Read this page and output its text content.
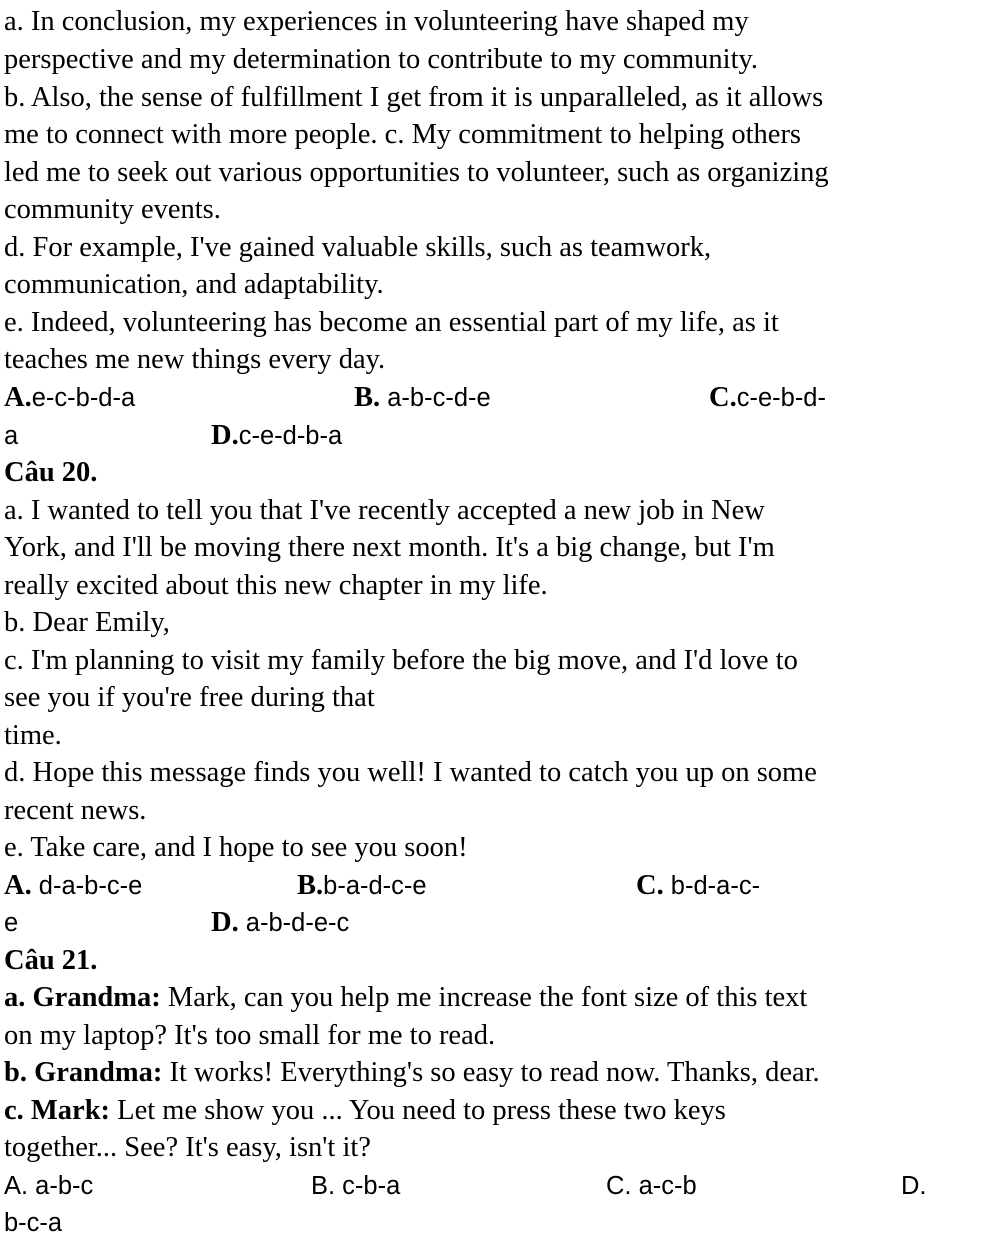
a. In conclusion, my experiences in volunteering have shaped my
perspective and my determination to contribute to my community.
b. Also, the sense of fulfillment I get from it is unparalleled, as it allows
me to connect with more people. c. My commitment to helping others
led me to seek out various opportunities to volunteer, such as organizing
community events.
d. For example, I've gained valuable skills, such as teamwork,
communication, and adaptability.
e. Indeed, volunteering has become an essential part of my life, as it
teaches me new things every day.
A.e-c-b-d-a	B. a-b-c-d-e	C.c-e-b-d-
a	D.c-e-d-b-a
Câu 20.
a. I wanted to tell you that I've recently accepted a new job in New
York, and I'll be moving there next month. It's a big change, but I'm
really excited about this new chapter in my life.
b. Dear Emily,
c. I'm planning to visit my family before the big move, and I'd love to
see you if you're free during that
time.
d. Hope this message finds you well! I wanted to catch you up on some
recent news.
e. Take care, and I hope to see you soon!
A. d-a-b-c-e	B.b-a-d-c-e	C. b-d-a-c-
e	D. a-b-d-e-c
Câu 21.
a. Grandma: Mark, can you help me increase the font size of this text
on my laptop? It's too small for me to read.
b. Grandma: It works! Everything's so easy to read now. Thanks, dear.
c. Mark: Let me show you ... You need to press these two keys
together... See? It's easy, isn't it?
A. a-b-c	B. c-b-a	C. a-c-b	D.
b-c-a
